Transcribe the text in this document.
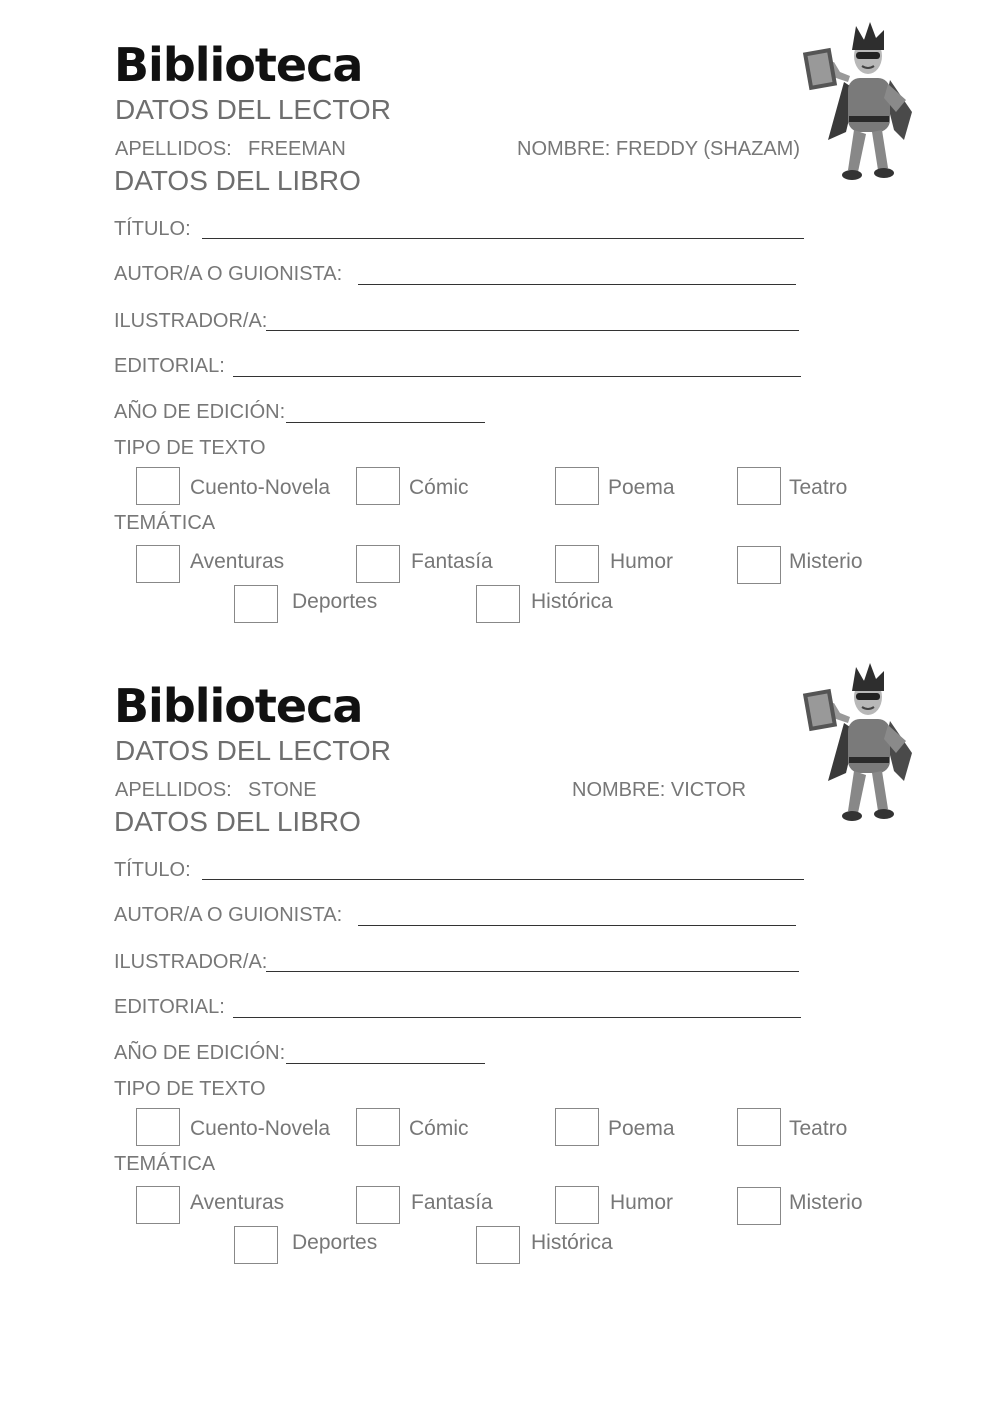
Biblioteca
DATOS DEL LECTOR
APELLIDOS: FREEMAN	NOMBRE: FREDDY (SHAZAM)
DATOS DEL LIBRO
TÍTULO:
AUTOR/A O GUIONISTA:
ILUSTRADOR/A:
EDITORIAL:
AÑO DE EDICIÓN:
TIPO DE TEXTO
Cuento-Novela	Cómic	Poema	Teatro
TEMÁTICA
Aventuras	Fantasía	Humor	Misterio
Deportes	Histórica
Biblioteca
DATOS DEL LECTOR
APELLIDOS: STONE	NOMBRE: VICTOR
DATOS DEL LIBRO
TÍTULO:
AUTOR/A O GUIONISTA:
ILUSTRADOR/A:
EDITORIAL:
AÑO DE EDICIÓN:
TIPO DE TEXTO
Cuento-Novela	Cómic	Poema	Teatro
TEMÁTICA
Aventuras	Fantasía	Humor	Misterio
Deportes	Histórica
